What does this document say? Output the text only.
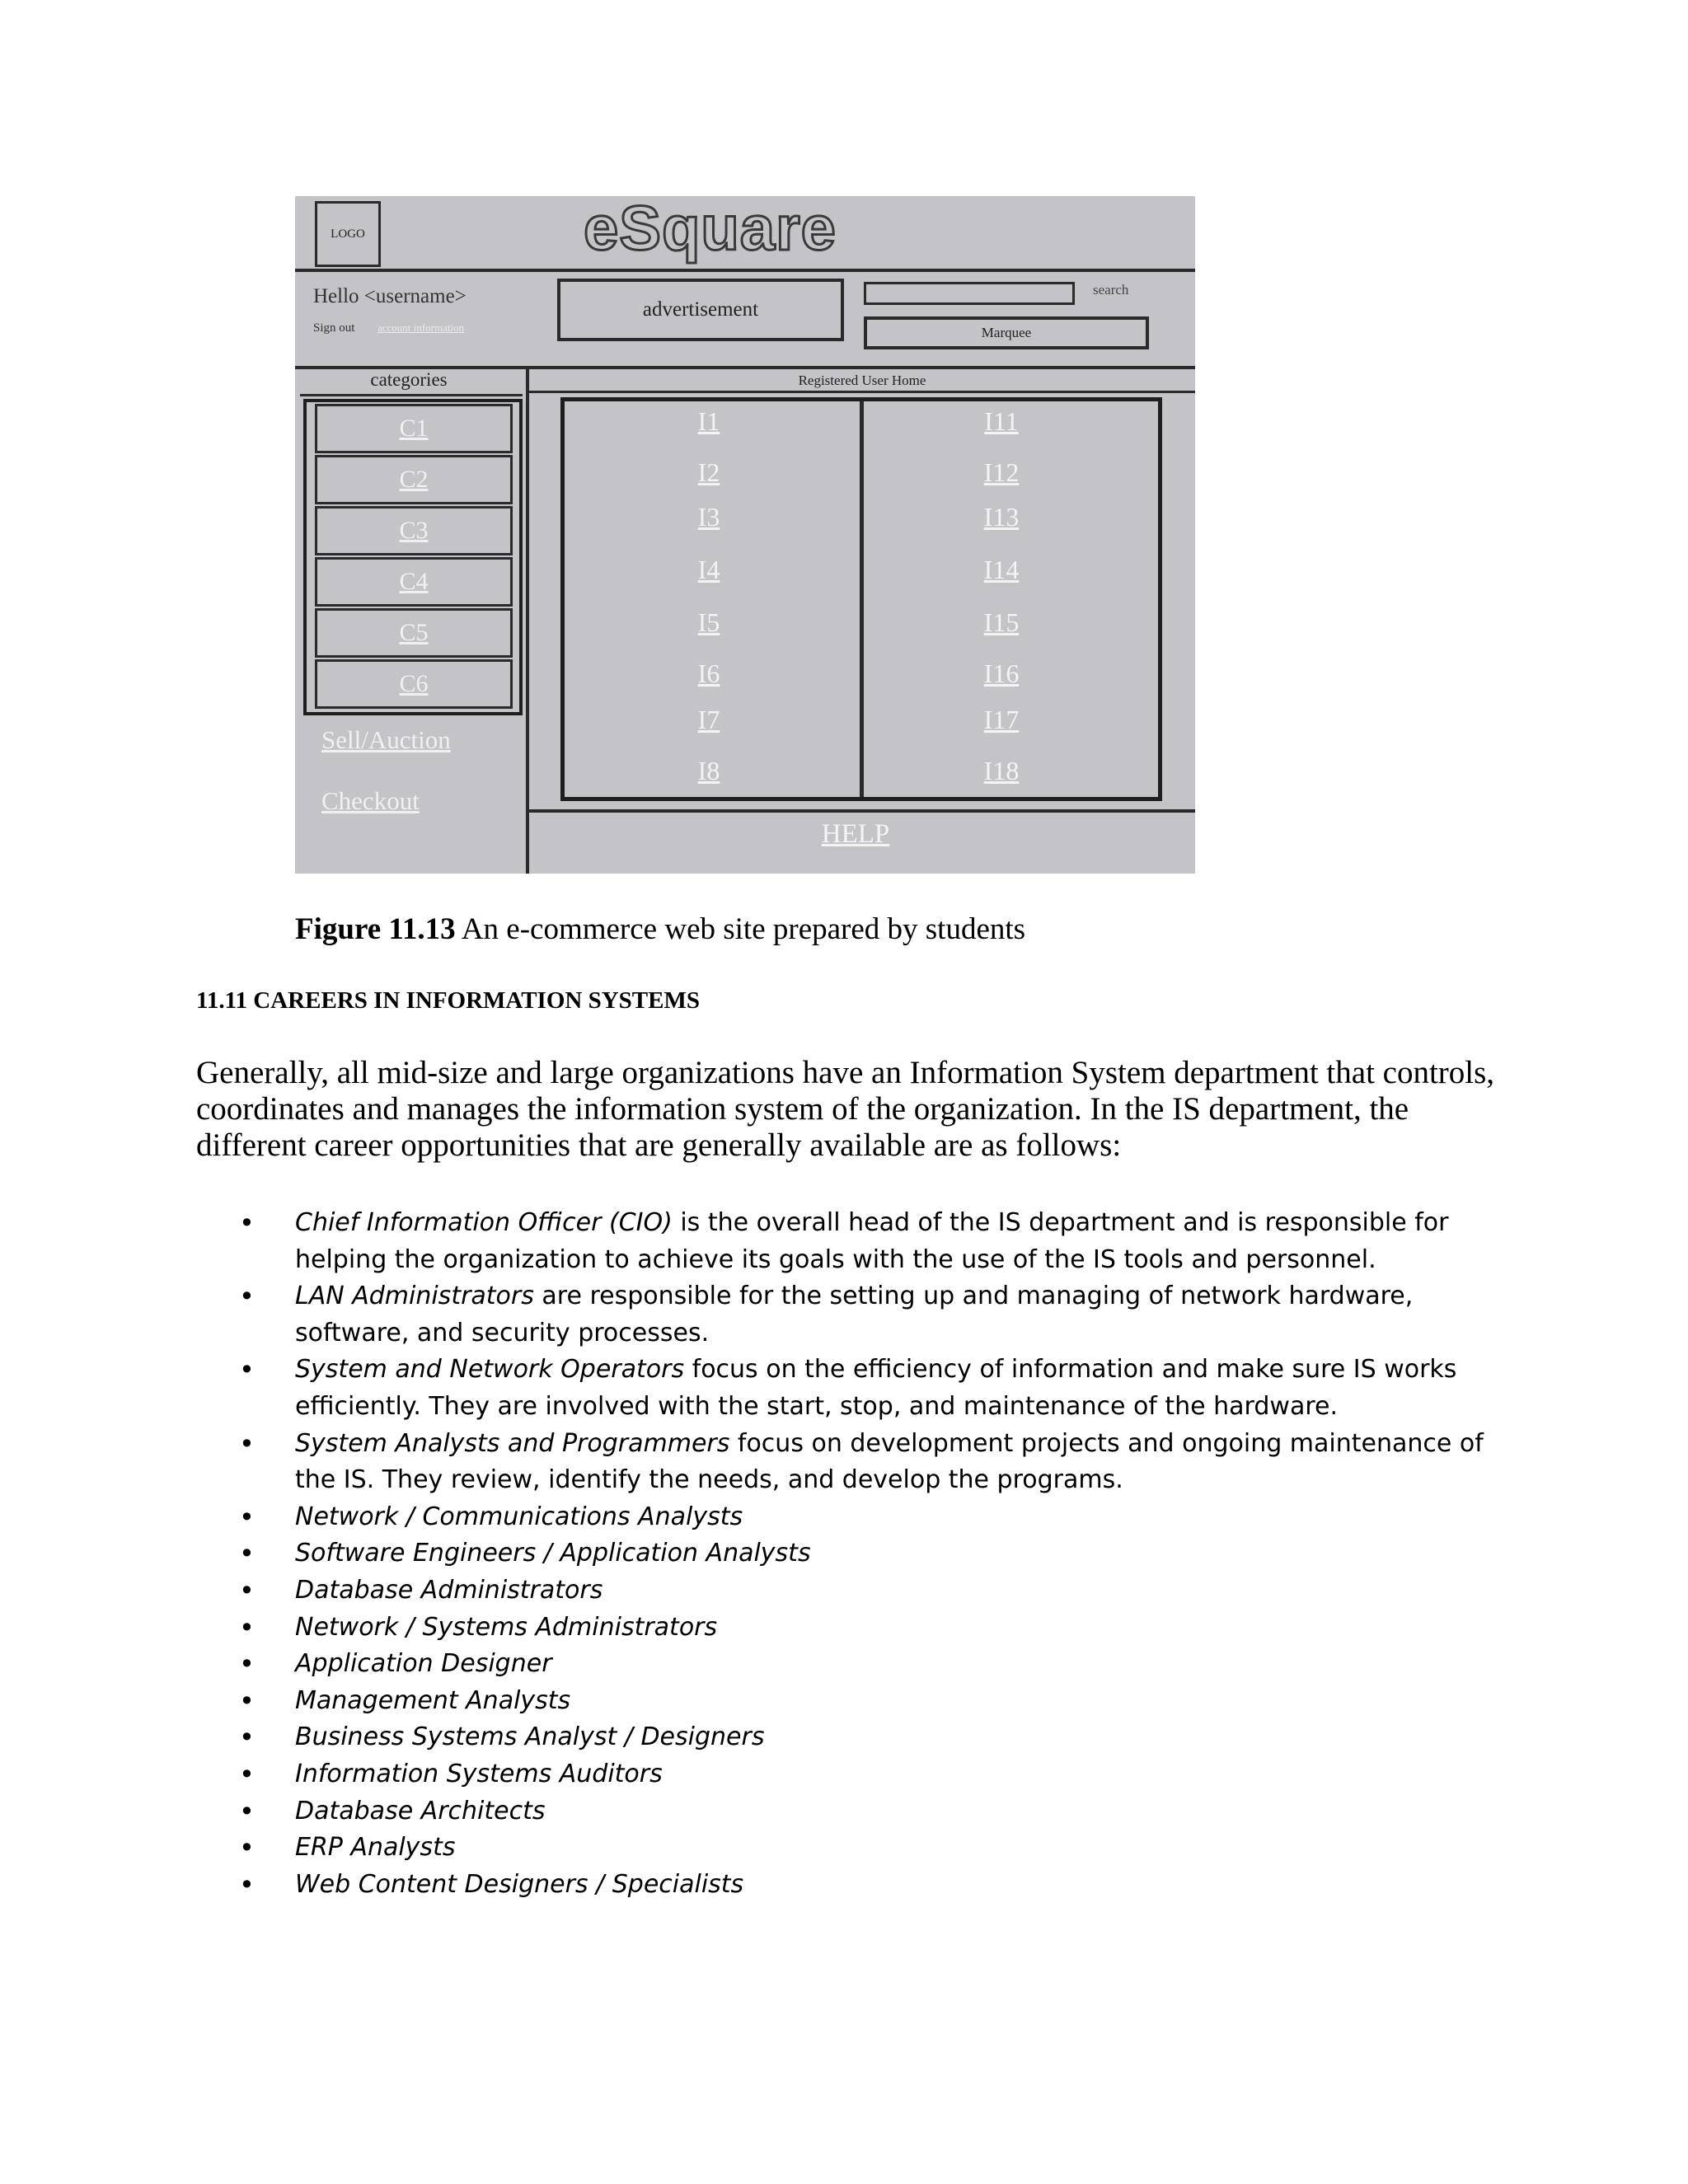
LOGO	eSquare
Hello <username>
Sign out account information
advertisement
search
Marquee
categories	Registered User Home
C1
C2
C3
C4
C5
C6
Sell/Auction
Checkout
I1
I2
I3
I4
I5
I6
I7
I8
I11
I12
I13
I14
I15
I16
I17
I18
HELP
Figure 11.13 An e-commerce web site prepared by students
11.11 CAREERS IN INFORMATION SYSTEMS
Generally, all mid-size and large organizations have an Information System department that controls, coordinates and manages the information system of the organization. In the IS department, the different career opportunities that are generally available are as follows:
• Chief Information Officer (CIO) is the overall head of the IS department and is responsible for helping the organization to achieve its goals with the use of the IS tools and personnel.
• LAN Administrators are responsible for the setting up and managing of network hardware, software, and security processes.
• System and Network Operators focus on the efficiency of information and make sure IS works efficiently. They are involved with the start, stop, and maintenance of the hardware.
• System Analysts and Programmers focus on development projects and ongoing maintenance of the IS. They review, identify the needs, and develop the programs.
• Network / Communications Analysts
• Software Engineers / Application Analysts
• Database Administrators
• Network / Systems Administrators
• Application Designer
• Management Analysts
• Business Systems Analyst / Designers
• Information Systems Auditors
• Database Architects
• ERP Analysts
• Web Content Designers / Specialists
